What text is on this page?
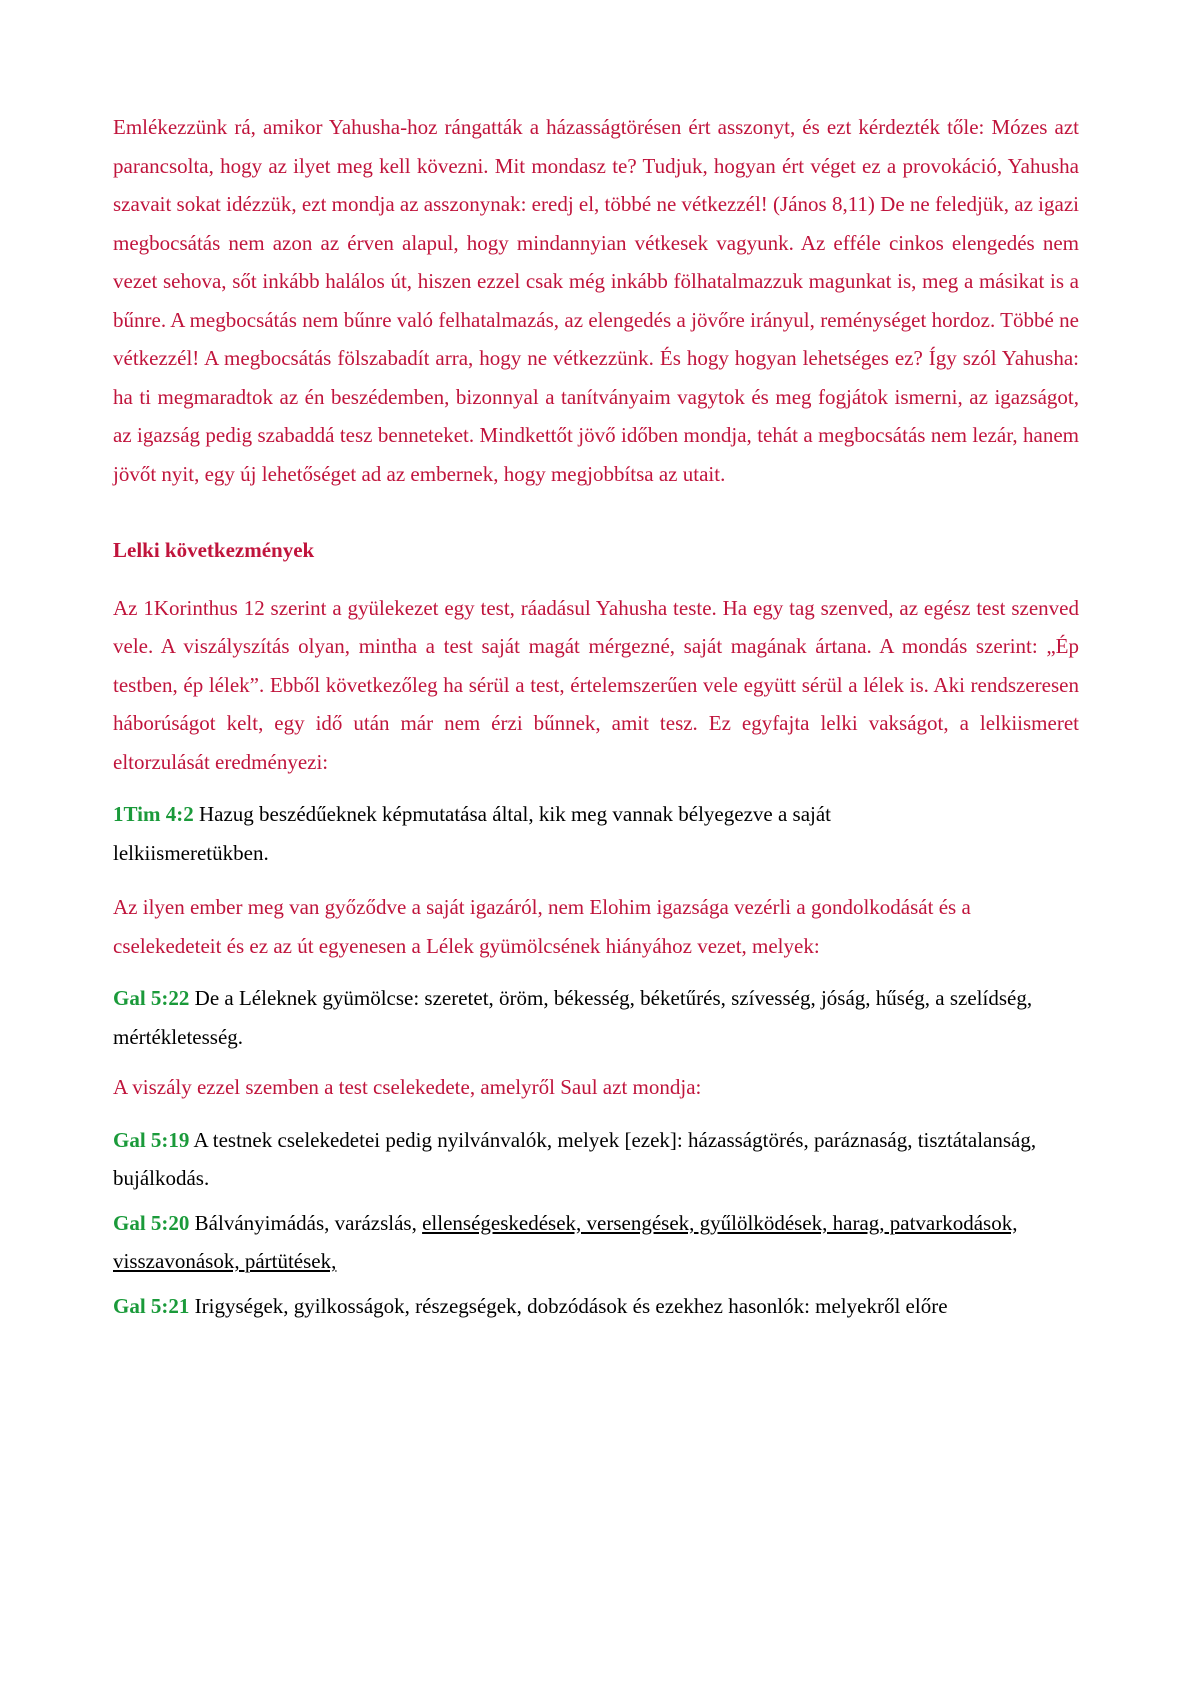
Emlékezzünk rá, amikor Yahusha-hoz rángatták a házasságtörésen ért asszonyt, és ezt kérdezték tőle: Mózes azt parancsolta, hogy az ilyet meg kell kövezni. Mit mondasz te? Tudjuk, hogyan ért véget ez a provokáció, Yahusha szavait sokat idézzük, ezt mondja az asszonynak: eredj el, többé ne vétkezzél! (János 8,11) De ne feledjük, az igazi megbocsátás nem azon az érven alapul, hogy mindannyian vétkesek vagyunk. Az efféle cinkos elengedés nem vezet sehova, sőt inkább halálos út, hiszen ezzel csak még inkább fölhatalmazzuk magunkat is, meg a másikat is a bűnre. A megbocsátás nem bűnre való felhatalmazás, az elengedés a jövőre irányul, reménységet hordoz. Többé ne vétkezzél! A megbocsátás fölszabadít arra, hogy ne vétkezzünk. És hogy hogyan lehetséges ez? Így szól Yahusha: ha ti megmaradtok az én beszédemben, bizonnyal a tanítványaim vagytok és meg fogjátok ismerni, az igazságot, az igazság pedig szabaddá tesz benneteket. Mindkettőt jövő időben mondja, tehát a megbocsátás nem lezár, hanem jövőt nyit, egy új lehetőséget ad az embernek, hogy megjobbítsa az utait.

Lelki következmények

Az 1Korinthus 12 szerint a gyülekezet egy test, ráadásul Yahusha teste. Ha egy tag szenved, az egész test szenved vele. A viszályszítás olyan, mintha a test saját magát mérgezné, saját magának ártana. A mondás szerint: „Ép testben, ép lélek”. Ebből következőleg ha sérül a test, értelemszerűen vele együtt sérül a lélek is. Aki rendszeresen háborúságot kelt, egy idő után már nem érzi bűnnek, amit tesz. Ez egyfajta lelki vakságot, a lelkiismeret eltorzulását eredményezi:

1Tim 4:2 Hazug beszédűeknek képmutatása által, kik meg vannak bélyegezve a saját lelkiismeretükben.

Az ilyen ember meg van győződve a saját igazáról, nem Elohim igazsága vezérli a gondolkodását és a cselekedeteit és ez az út egyenesen a Lélek gyümölcsének hiányához vezet, melyek:

Gal 5:22 De a Léleknek gyümölcse: szeretet, öröm, békesség, béketűrés, szívesség, jóság, hűség, a szelídség, mértékletesség.

A viszály ezzel szemben a test cselekedete, amelyről Saul azt mondja:

Gal 5:19 A testnek cselekedetei pedig nyilvánvalók, melyek [ezek]: házasságtörés, paráznaság, tisztátalanság, bujálkodás.

Gal 5:20 Bálványimádás, varázslás, ellenségeskedések, versengések, gyűlölködések, harag, patvarkodások, visszavonások, pártütések,

Gal 5:21 Irigységek, gyilkosságok, részegségek, dobzódások és ezekhez hasonlók: melyekről előre
